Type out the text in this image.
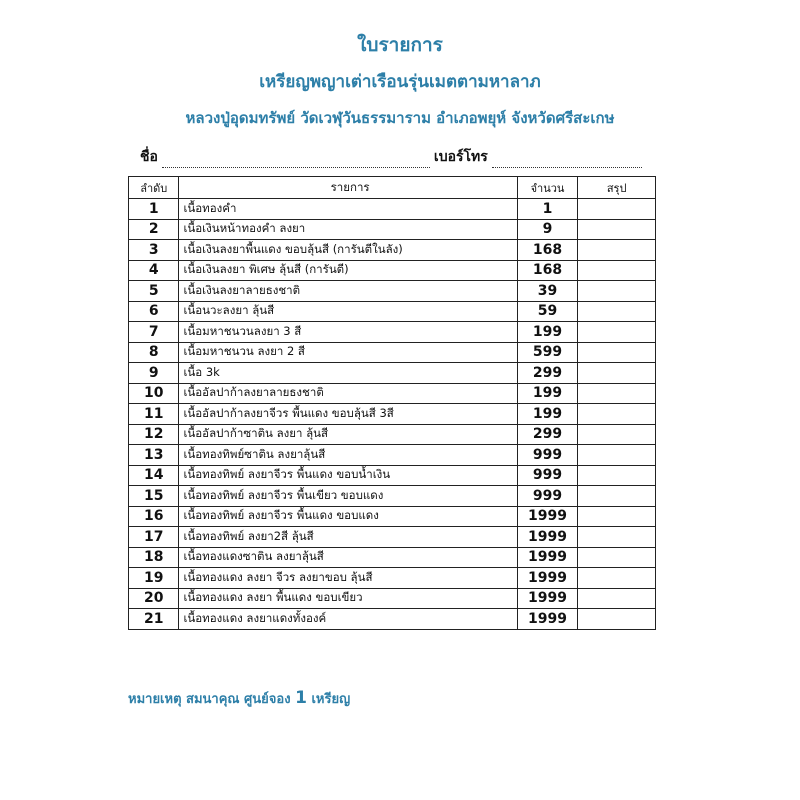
ใบรายการ
เหรียญพญาเต่าเรือนรุ่นเมตตามหาลาภ
หลวงปู่อุดมทรัพย์ วัดเวฬุวันธรรมาราม อำเภอพยุห์ จังหวัดศรีสะเกษ
ชื่อ	เบอร์โทร
ลำดับ	รายการ	จำนวน	สรุป
1	เนื้อทองคำ	1	
2	เนื้อเงินหน้าทองคำ ลงยา	9	
3	เนื้อเงินลงยาพื้นแดง ขอบลุ้นสี (การันตีในลัง)	168	
4	เนื้อเงินลงยา พิเศษ ลุ้นสี (การันตี)	168	
5	เนื้อเงินลงยาลายธงชาติ	39	
6	เนื้อนวะลงยา ลุ้นสี	59	
7	เนื้อมหาชนวนลงยา 3 สี	199	
8	เนื้อมหาชนวน ลงยา 2 สี	599	
9	เนื้อ 3k	299	
10	เนื้ออัลปาก้าลงยาลายธงชาติ	199	
11	เนื้ออัลปาก้าลงยาจีวร พื้นแดง ขอบลุ้นสี 3สี	199	
12	เนื้ออัลปาก้าซาติน ลงยา ลุ้นสี	299	
13	เนื้อทองทิพย์ซาติน ลงยาลุ้นสี	999	
14	เนื้อทองทิพย์ ลงยาจีวร พื้นแดง ขอบน้ำเงิน	999	
15	เนื้อทองทิพย์ ลงยาจีวร พื้นเขียว ขอบแดง	999	
16	เนื้อทองทิพย์ ลงยาจีวร พื้นแดง ขอบแดง	1999	
17	เนื้อทองทิพย์ ลงยา2สี ลุ้นสี	1999	
18	เนื้อทองแดงซาติน ลงยาลุ้นสี	1999	
19	เนื้อทองแดง ลงยา จีวร ลงยาขอบ ลุ้นสี	1999	
20	เนื้อทองแดง ลงยา พื้นแดง ขอบเขียว	1999	
21	เนื้อทองแดง ลงยาแดงทั้งองค์	1999	
หมายเหตุ สมนาคุณ ศูนย์จอง 1 เหรียญ
